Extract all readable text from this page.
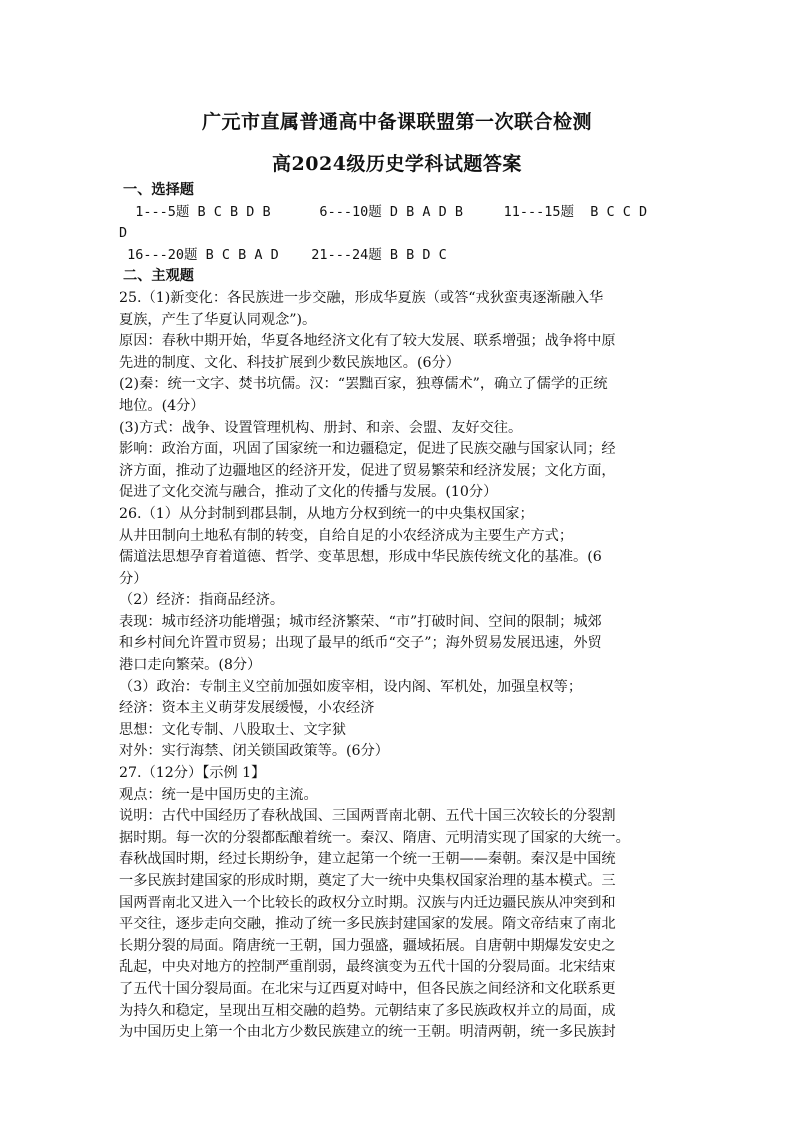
广元市直属普通高中备课联盟第一次联合检测
高2024级历史学科试题答案
一、选择题
1---5题 B C B D B      6---10题 D B A D B     11---15题  B C C D
D
16---20题 B C B A D    21---24题 B B D C
二、主观题
25.（1)新变化：各民族进一步交融，形成华夏族（或答“戎狄蛮夷逐渐融入华
夏族，产生了华夏认同观念”)。
原因：春秋中期开始，华夏各地经济文化有了较大发展、联系增强；战争将中原
先进的制度、文化、科技扩展到少数民族地区。(6分）
(2)秦：统一文字、焚书坑儒。汉：“罢黜百家，独尊儒术”，确立了儒学的正统
地位。(4分）
(3)方式：战争、设置管理机构、册封、和亲、会盟、友好交往。
影响：政治方面，巩固了国家统一和边疆稳定，促进了民族交融与国家认同；经
济方面，推动了边疆地区的经济开发，促进了贸易繁荣和经济发展；文化方面，
促进了文化交流与融合，推动了文化的传播与发展。(10分）
26.（1）从分封制到郡县制，从地方分权到统一的中央集权国家；
从井田制向土地私有制的转变，自给自足的小农经济成为主要生产方式；
儒道法思想孕育着道德、哲学、变革思想，形成中华民族传统文化的基准。(6
分）
（2）经济：指商品经济。
表现：城市经济功能增强；城市经济繁荣、“市”打破时间、空间的限制；城郊
和乡村间允许置市贸易；出现了最早的纸币“交子”；海外贸易发展迅速，外贸
港口走向繁荣。(8分）
（3）政治：专制主义空前加强如废宰相，设内阁、军机处，加强皇权等；
经济：资本主义萌芽发展缓慢，小农经济
思想：文化专制、八股取士、文字狱
对外：实行海禁、闭关锁国政策等。(6分）
27.（12分）【示例 1】
观点：统一是中国历史的主流。
说明：古代中国经历了春秋战国、三国两晋南北朝、五代十国三次较长的分裂割
据时期。每一次的分裂都酝酿着统一。秦汉、隋唐、元明清实现了国家的大统一。
春秋战国时期，经过长期纷争，建立起第一个统一王朝——秦朝。秦汉是中国统
一多民族封建国家的形成时期，奠定了大一统中央集权国家治理的基本模式。三
国两晋南北又进入一个比较长的政权分立时期。汉族与内迁边疆民族从冲突到和
平交往，逐步走向交融，推动了统一多民族封建国家的发展。隋文帝结束了南北
长期分裂的局面。隋唐统一王朝，国力强盛，疆域拓展。自唐朝中期爆发安史之
乱起，中央对地方的控制严重削弱，最终演变为五代十国的分裂局面。北宋结束
了五代十国分裂局面。在北宋与辽西夏对峙中，但各民族之间经济和文化联系更
为持久和稳定，呈现出互相交融的趋势。元朝结束了多民族政权并立的局面，成
为中国历史上第一个由北方少数民族建立的统一王朝。明清两朝，统一多民族封
